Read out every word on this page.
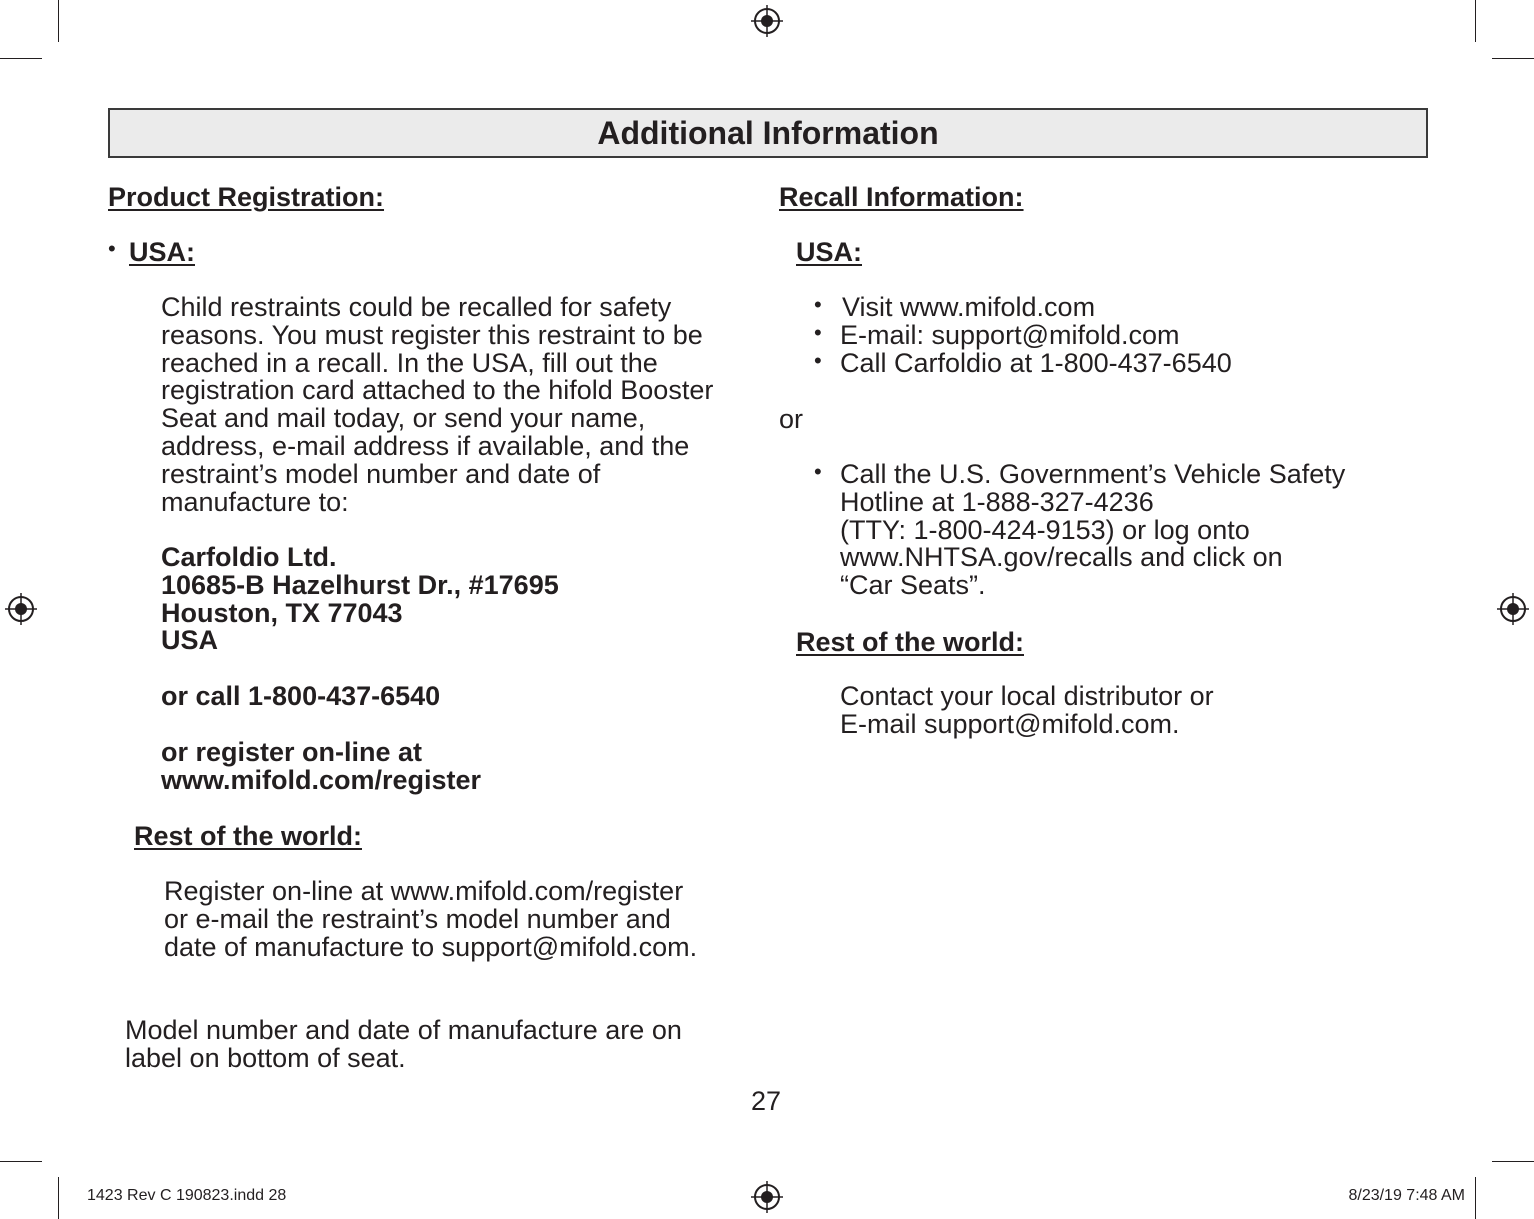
Additional Information
Product Registration:
• USA:
Child restraints could be recalled for safety
reasons. You must register this restraint to be
reached in a recall. In the USA, fill out the
registration card attached to the hifold Booster
Seat and mail today, or send your name,
address, e-mail address if available, and the
restraint’s model number and date of
manufacture to:
Carfoldio Ltd.
10685-B Hazelhurst Dr., #17695
Houston, TX 77043
USA
or call 1-800-437-6540
or register on-line at
www.mifold.com/register
Rest of the world:
Register on-line at www.mifold.com/register
or e-mail the restraint’s model number and
date of manufacture to support@mifold.com.
Model number and date of manufacture are on
label on bottom of seat.
Recall Information:
USA:
• Visit www.mifold.com
• E-mail: support@mifold.com
• Call Carfoldio at 1-800-437-6540
or
• Call the U.S. Government’s Vehicle Safety
Hotline at 1-888-327-4236
(TTY: 1-800-424-9153) or log onto
www.NHTSA.gov/recalls and click on
“Car Seats”.
Rest of the world:
Contact your local distributor or
E-mail support@mifold.com.
27
1423 Rev C 190823.indd 28	8/23/19 7:48 AM
